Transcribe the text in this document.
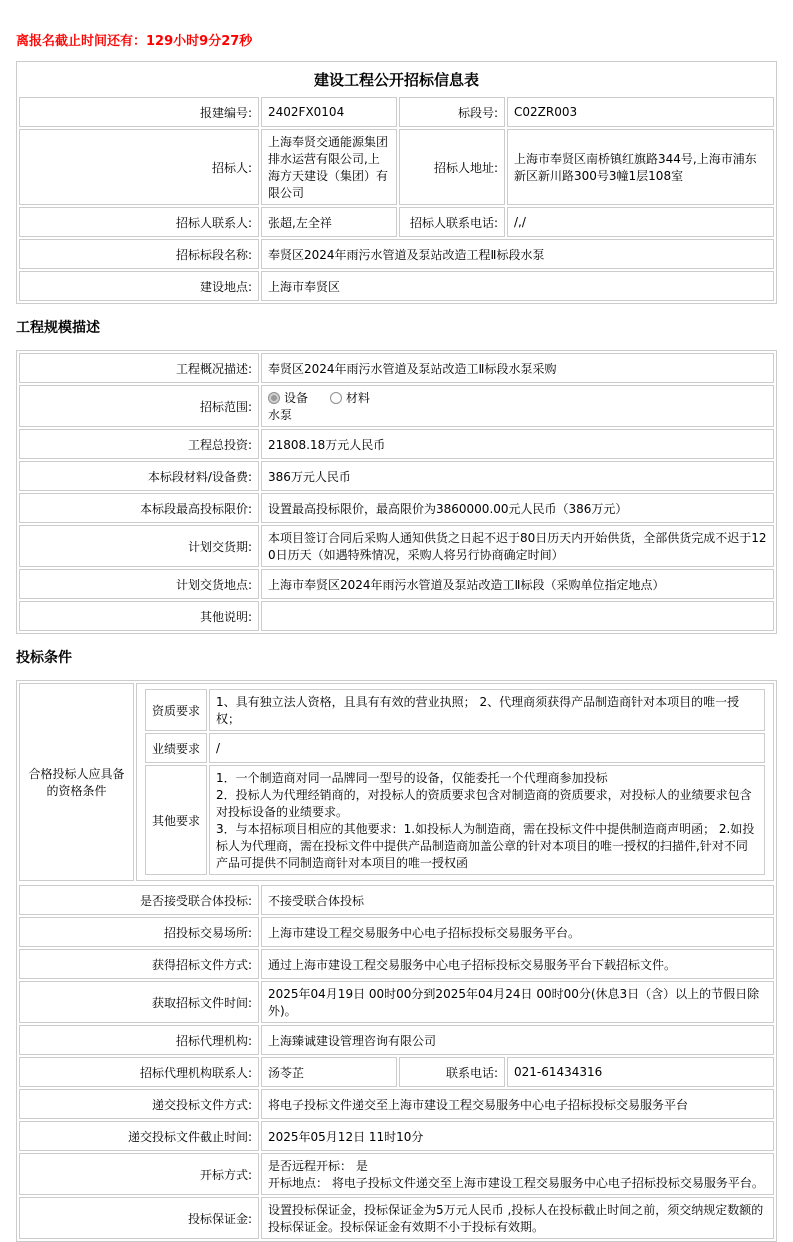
离报名截止时间还有：129小时9分27秒
建设工程公开招标信息表
报建编号:	2402FX0104	标段号:	C02ZR003
招标人:	上海奉贤交通能源集团排水运营有限公司,上海方天建设（集团）有限公司	招标人地址:	上海市奉贤区南桥镇红旗路344号,上海市浦东新区新川路300号3幢1层108室
招标人联系人:	张超,左全祥	招标人联系电话:	/,/
招标标段名称:	奉贤区2024年雨污水管道及泵站改造工程Ⅱ标段水泵		
建设地点:	上海市奉贤区		
工程规模描述
工程概况描述:	奉贤区2024年雨污水管道及泵站改造工Ⅱ标段水泵采购
招标范围:	设备 材料
水泵

工程总投资:	21808.18万元人民币
本标段材料/设备费:	386万元人民币
本标段最高投标限价:	设置最高投标限价，最高限价为3860000.00元人民币（386万元）
计划交货期:	本项目签订合同后采购人通知供货之日起不迟于80日历天内开始供货，全部供货完成不迟于120日历天（如遇特殊情况，采购人将另行协商确定时间）
计划交货地点:	上海市奉贤区2024年雨污水管道及泵站改造工Ⅱ标段（采购单位指定地点）
其他说明:	
投标条件
合格投标人应具备的资格条件	
资质要求	1、具有独立法人资格，且具有有效的营业执照； 2、代理商须获得产品制造商针对本项目的唯一授权；
业绩要求	/
其他要求	
1．一个制造商对同一品牌同一型号的设备，仅能委托一个代理商参加投标
2．投标人为代理经销商的，对投标人的资质要求包含对制造商的资质要求，对投标人的业绩要求包含对投标设备的业绩要求。
3．与本招标项目相应的其他要求：1.如投标人为制造商，需在投标文件中提供制造商声明函； 2.如投标人为代理商，需在投标文件中提供产品制造商加盖公章的针对本项目的唯一授权的扫描件,针对不同产品可提供不同制造商针对本项目的唯一授权函
是否接受联合体投标:	不接受联合体投标		
招投标交易场所:	上海市建设工程交易服务中心电子招标投标交易服务平台。		
获得招标文件方式:	通过上海市建设工程交易服务中心电子招标投标交易服务平台下载招标文件。		
获取招标文件时间:	2025年04月19日 00时00分到2025年04月24日 00时00分(休息3日（含）以上的节假日除外)。		
招标代理机构:	上海臻诚建设管理咨询有限公司		
招标代理机构联系人:	汤苓芷	联系电话:	021-61434316
递交投标文件方式:	将电子投标文件递交至上海市建设工程交易服务中心电子招标投标交易服务平台		
递交投标文件截止时间:	2025年05月12日 11时10分		
开标方式:	是否远程开标： 是
开标地点： 将电子投标文件递交至上海市建设工程交易服务中心电子招标投标交易服务平台。		

投标保证金:	设置投标保证金，投标保证金为5万元人民币 ,投标人在投标截止时间之前，须交纳规定数额的投标保证金。投标保证金有效期不小于投标有效期。		
